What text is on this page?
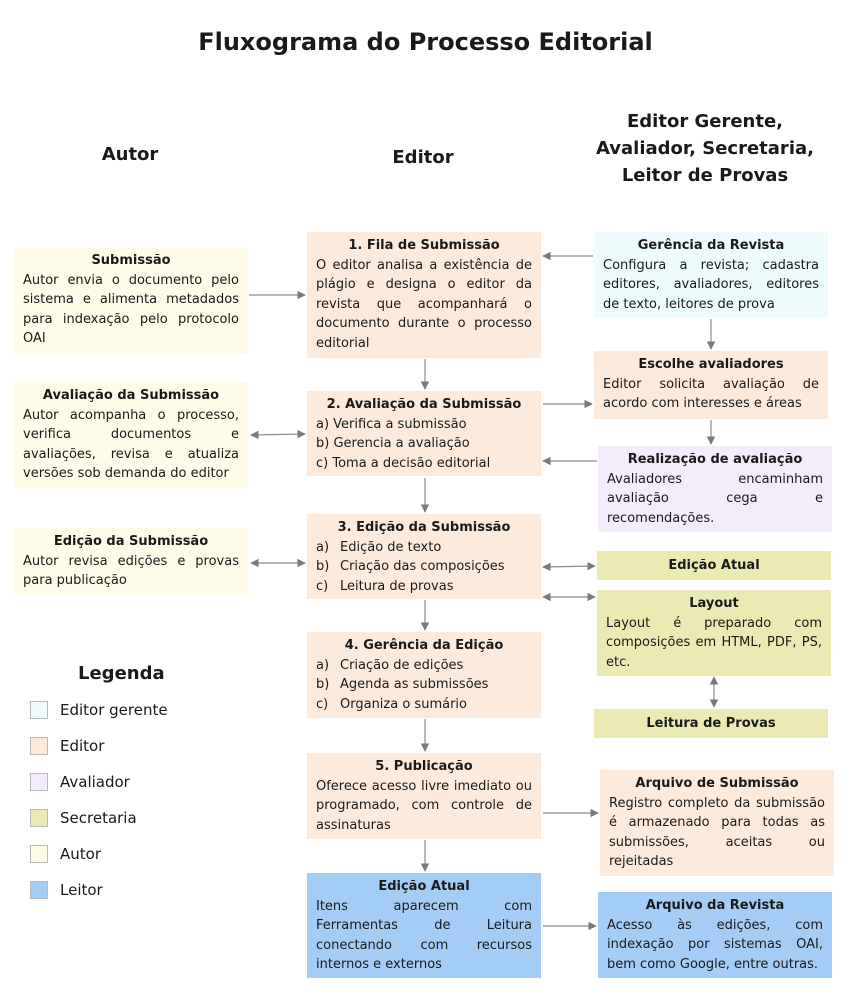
Fluxograma do Processo Editorial
Autor	Editor
Editor Gerente,
Avaliador, Secretaria,
Leitor de Provas
Submissão
Autor envia o documento pelo sistema e alimenta metadados para indexação pelo protocolo OAI
Avaliação da Submissão
Autor acompanha o processo, verifica documentos e avaliações, revisa e atualiza versões sob demanda do editor
Edição da Submissão
Autor revisa edições e provas para publicação
1. Fila de Submissão
O editor analisa a existência de plágio e designa o editor da revista que acompanhará o documento durante o processo editorial
2. Avaliação da Submissão
a) Verifica a submissão
b) Gerencia a avaliação
c) Toma a decisão editorial
3. Edição da Submissão
a) Edição de texto
b) Criação das composições
c) Leitura de provas
4. Gerência da Edição
a) Criação de edições
b) Agenda as submissões
c) Organiza o sumário
5. Publicação
Oferece acesso livre imediato ou programado, com controle de assinaturas
Edição Atual
Itens aparecem com Ferramentas de Leitura conectando com recursos internos e externos
Gerência da Revista
Configura a revista; cadastra editores, avaliadores, editores de texto, leitores de prova
Escolhe avaliadores
Editor solicita avaliação de acordo com interesses e áreas
Realização de avaliação
Avaliadores encaminham avaliação cega e recomendações.
Edição Atual
Layout
Layout é preparado com composições em HTML, PDF, PS, etc.
Leitura de Provas
Arquivo de Submissão
Registro completo da submissão é armazenado para todas as submissões, aceitas ou rejeitadas
Arquivo da Revista
Acesso às edições, com indexação por sistemas OAI, bem como Google, entre outras.
Legenda
Editor gerente
Editor
Avaliador
Secretaria
Autor
Leitor
